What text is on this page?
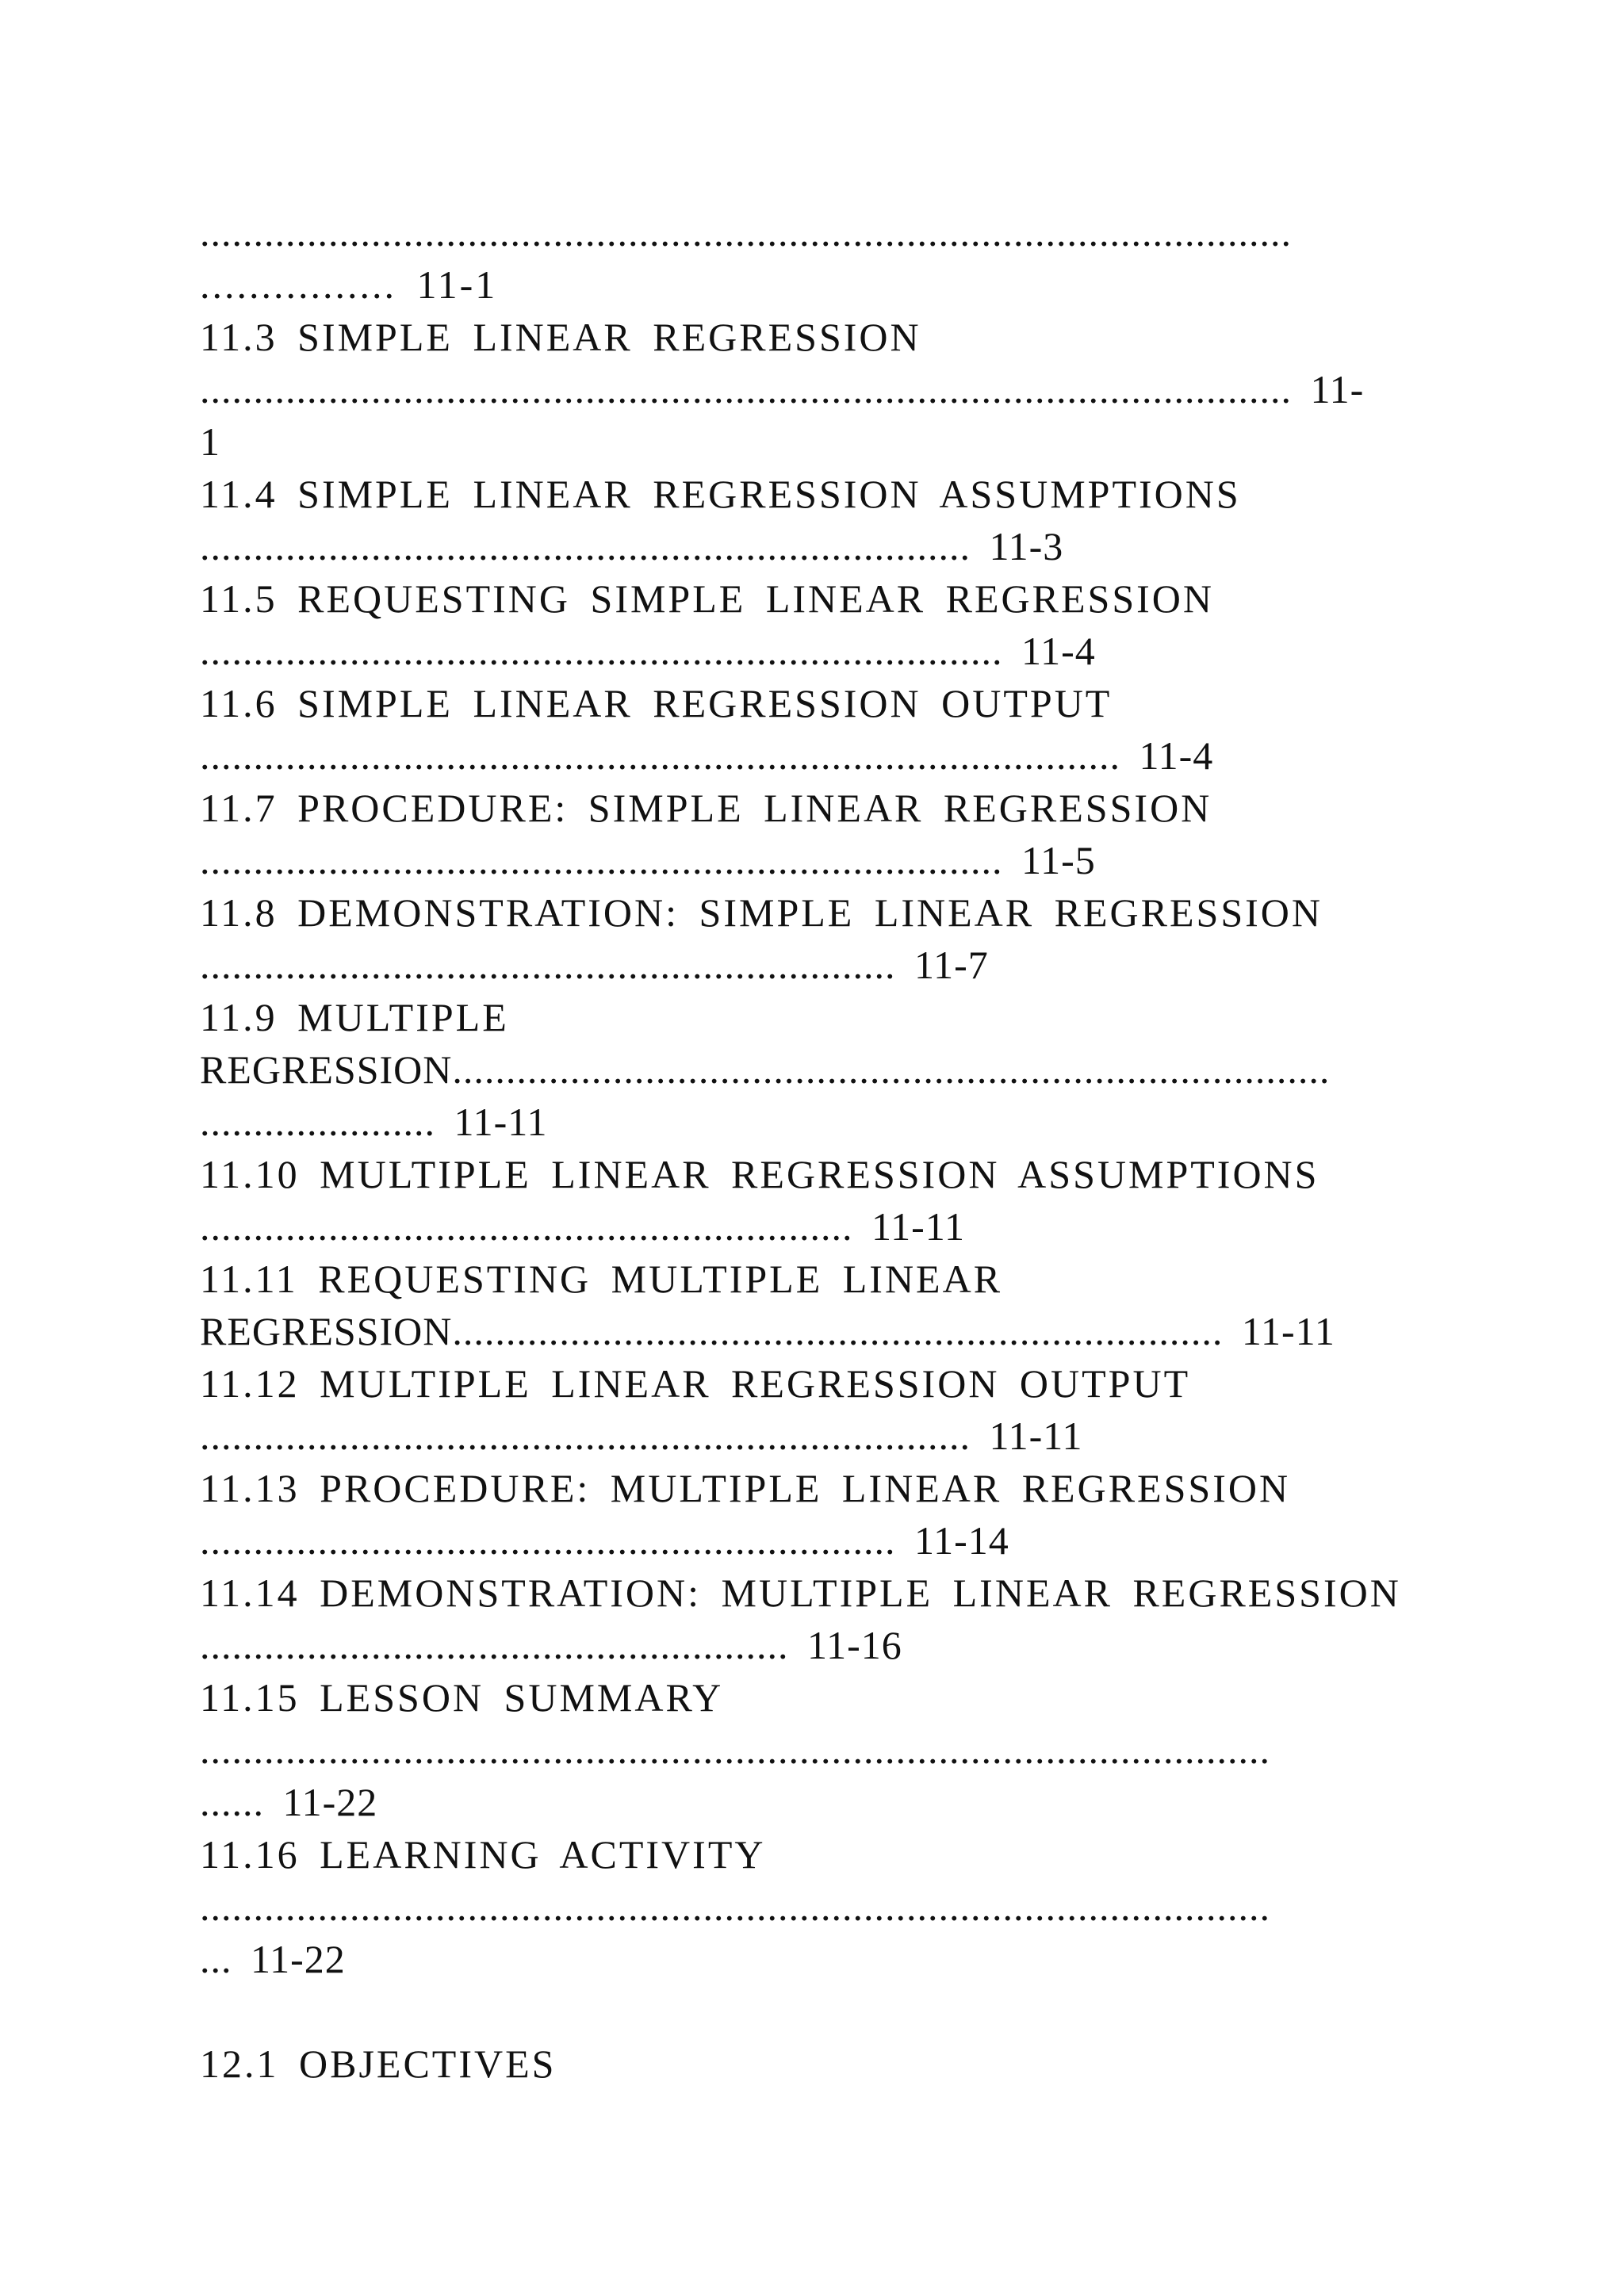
......................................................................................................
................ 11-1
11.3 SIMPLE LINEAR REGRESSION
...................................................................................................... 11-
1
11.4 SIMPLE LINEAR REGRESSION ASSUMPTIONS
........................................................................ 11-3
11.5 REQUESTING SIMPLE LINEAR REGRESSION
........................................................................... 11-4
11.6 SIMPLE LINEAR REGRESSION OUTPUT
...................................................................................... 11-4
11.7 PROCEDURE: SIMPLE LINEAR REGRESSION
........................................................................... 11-5
11.8 DEMONSTRATION: SIMPLE LINEAR REGRESSION
................................................................. 11-7
11.9 MULTIPLE
REGRESSION..................................................................................
...................... 11-11
11.10 MULTIPLE LINEAR REGRESSION ASSUMPTIONS
............................................................. 11-11
11.11 REQUESTING MULTIPLE LINEAR
REGRESSION........................................................................ 11-11
11.12 MULTIPLE LINEAR REGRESSION OUTPUT
........................................................................ 11-11
11.13 PROCEDURE: MULTIPLE LINEAR REGRESSION
................................................................. 11-14
11.14 DEMONSTRATION: MULTIPLE LINEAR REGRESSION
....................................................... 11-16
11.15 LESSON SUMMARY
....................................................................................................
...... 11-22
11.16 LEARNING ACTIVITY
....................................................................................................
... 11-22
12.1 OBJECTIVES
